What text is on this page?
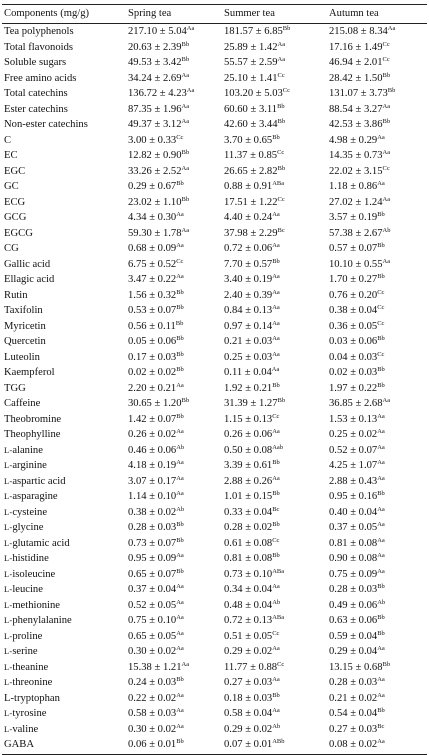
Components (mg/g)	Spring tea	Summer tea	Autumn tea
Tea polyphenols	$217.10 \pm 5.04^{Aa}$	$181.57 \pm 6.85^{Bb}$	$215.08 \pm 8.34^{Aa}$
Total flavonoids	$20.63 \pm 2.39^{Bb}$	$25.89 \pm 1.42^{Aa}$	$17.16 \pm 1.49^{Cc}$
Soluble sugars	$49.53 \pm 3.42^{Bb}$	$55.57 \pm 2.59^{Aa}$	$46.94 \pm 2.01^{Cc}$
Free amino acids	$34.24 \pm 2.69^{Aa}$	$25.10 \pm 1.41^{Cc}$	$28.42 \pm 1.50^{Bb}$
Total catechins	$136.72 \pm 4.23^{Aa}$	$103.20 \pm 5.03^{Cc}$	$131.07 \pm 3.73^{Bb}$
Ester catechins	$87.35 \pm 1.96^{Aa}$	$60.60 \pm 3.11^{Bb}$	$88.54 \pm 3.27^{Aa}$
Non-ester catechins	$49.37 \pm 3.12^{Aa}$	$42.60 \pm 3.44^{Bb}$	$42.53 \pm 3.86^{Bb}$
C	$3.00 \pm 0.33^{Cc}$	$3.70 \pm 0.65^{Bb}$	$4.98 \pm 0.29^{Aa}$
EC	$12.82 \pm 0.90^{Bb}$	$11.37 \pm 0.85^{Cc}$	$14.35 \pm 0.73^{Aa}$
EGC	$33.26 \pm 2.52^{Aa}$	$26.65 \pm 2.82^{Bb}$	$22.02 \pm 3.15^{Cc}$
GC	$0.29 \pm 0.67^{Bb}$	$0.88 \pm 0.91^{ABa}$	$1.18 \pm 0.86^{Aa}$
ECG	$23.02 \pm 1.10^{Bb}$	$17.51 \pm 1.22^{Cc}$	$27.02 \pm 1.24^{Aa}$
GCG	$4.34 \pm 0.30^{Aa}$	$4.40 \pm 0.24^{Aa}$	$3.57 \pm 0.19^{Bb}$
EGCG	$59.30 \pm 1.78^{Aa}$	$37.98 \pm 2.29^{Bc}$	$57.38 \pm 2.67^{Ab}$
CG	$0.68 \pm 0.09^{Aa}$	$0.72 \pm 0.06^{Aa}$	$0.57 \pm 0.07^{Bb}$
Gallic acid	$6.75 \pm 0.52^{Cc}$	$7.70 \pm 0.57^{Bb}$	$10.10 \pm 0.55^{Aa}$
Ellagic acid	$3.47 \pm 0.22^{Aa}$	$3.40 \pm 0.19^{Aa}$	$1.70 \pm 0.27^{Bb}$
Rutin	$1.56 \pm 0.32^{Bb}$	$2.40 \pm 0.39^{Aa}$	$0.76 \pm 0.20^{Cc}$
Taxifolin	$0.53 \pm 0.07^{Bb}$	$0.84 \pm 0.13^{Aa}$	$0.38 \pm 0.04^{Cc}$
Myricetin	$0.56 \pm 0.11^{Bb}$	$0.97 \pm 0.14^{Aa}$	$0.36 \pm 0.05^{Cc}$
Quercetin	$0.05 \pm 0.06^{Bb}$	$0.21 \pm 0.03^{Aa}$	$0.03 \pm 0.06^{Bb}$
Luteolin	$0.17 \pm 0.03^{Bb}$	$0.25 \pm 0.03^{Aa}$	$0.04 \pm 0.03^{Cc}$
Kaempferol	$0.02 \pm 0.02^{Bb}$	$0.11 \pm 0.04^{Aa}$	$0.02 \pm 0.03^{Bb}$
TGG	$2.20 \pm 0.21^{Aa}$	$1.92 \pm 0.21^{Bb}$	$1.97 \pm 0.22^{Bb}$
Caffeine	$30.65 \pm 1.20^{Bb}$	$31.39 \pm 1.27^{Bb}$	$36.85 \pm 2.68^{Aa}$
Theobromine	$1.42 \pm 0.07^{Bb}$	$1.15 \pm 0.13^{Cc}$	$1.53 \pm 0.13^{Aa}$
Theophylline	$0.26 \pm 0.02^{Aa}$	$0.26 \pm 0.06^{Aa}$	$0.25 \pm 0.02^{Aa}$
L-alanine	$0.46 \pm 0.06^{Ab}$	$0.50 \pm 0.08^{Aab}$	$0.52 \pm 0.07^{Aa}$
L-arginine	$4.18 \pm 0.19^{Aa}$	$3.39 \pm 0.61^{Bb}$	$4.25 \pm 1.07^{Aa}$
L-aspartic acid	$3.07 \pm 0.17^{Aa}$	$2.88 \pm 0.26^{Aa}$	$2.88 \pm 0.43^{Aa}$
L-asparagine	$1.14 \pm 0.10^{Aa}$	$1.01 \pm 0.15^{Bb}$	$0.95 \pm 0.16^{Bb}$
L-cysteine	$0.38 \pm 0.02^{Ab}$	$0.33 \pm 0.04^{Bc}$	$0.40 \pm 0.04^{Aa}$
L-glycine	$0.28 \pm 0.03^{Bb}$	$0.28 \pm 0.02^{Bb}$	$0.37 \pm 0.05^{Aa}$
L-glutamic acid	$0.73 \pm 0.07^{Bb}$	$0.61 \pm 0.08^{Cc}$	$0.81 \pm 0.08^{Aa}$
L-histidine	$0.95 \pm 0.09^{Aa}$	$0.81 \pm 0.08^{Bb}$	$0.90 \pm 0.08^{Aa}$
L-isoleucine	$0.65 \pm 0.07^{Bb}$	$0.73 \pm 0.10^{ABa}$	$0.75 \pm 0.09^{Aa}$
L-leucine	$0.37 \pm 0.04^{Aa}$	$0.34 \pm 0.04^{Aa}$	$0.28 \pm 0.03^{Bb}$
L-methionine	$0.52 \pm 0.05^{Aa}$	$0.48 \pm 0.04^{Ab}$	$0.49 \pm 0.06^{Ab}$
L-phenylalanine	$0.75 \pm 0.10^{Aa}$	$0.72 \pm 0.13^{ABa}$	$0.63 \pm 0.06^{Bb}$
L-proline	$0.65 \pm 0.05^{Aa}$	$0.51 \pm 0.05^{Cc}$	$0.59 \pm 0.04^{Bb}$
L-serine	$0.30 \pm 0.02^{Aa}$	$0.29 \pm 0.02^{Aa}$	$0.29 \pm 0.04^{Aa}$
L-theanine	$15.38 \pm 1.21^{Aa}$	$11.77 \pm 0.88^{Cc}$	$13.15 \pm 0.68^{Bb}$
L-threonine	$0.24 \pm 0.03^{Bb}$	$0.27 \pm 0.03^{Aa}$	$0.28 \pm 0.03^{Aa}$
L-tryptophan	$0.22 \pm 0.02^{Aa}$	$0.18 \pm 0.03^{Bb}$	$0.21 \pm 0.02^{Aa}$
L-tyrosine	$0.58 \pm 0.03^{Aa}$	$0.58 \pm 0.04^{Aa}$	$0.54 \pm 0.04^{Bb}$
L-valine	$0.30 \pm 0.02^{Aa}$	$0.29 \pm 0.02^{Ab}$	$0.27 \pm 0.03^{Bc}$
GABA	$0.06 \pm 0.01^{Bb}$	$0.07 \pm 0.01^{ABb}$	$0.08 \pm 0.02^{Aa}$
